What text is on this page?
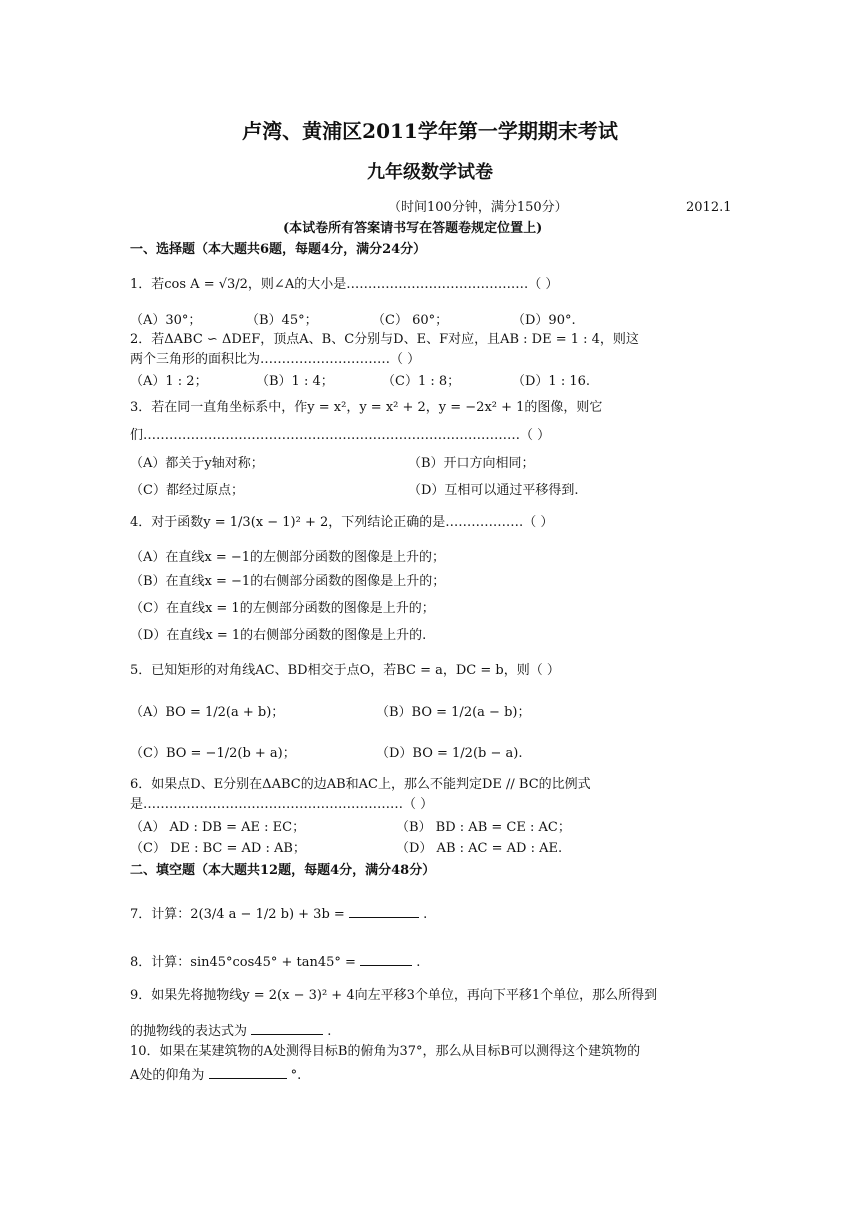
卢湾、黄浦区2011学年第一学期期末考试
九年级数学试卷
（时间100分钟，满分150分）	2012.1
(本试卷所有答案请书写在答题卷规定位置上)
一、选择题（本大题共6题，每题4分，满分24分）
1．若cos A = √3/2，则∠A的大小是……………………………………（ ）
（A）30°；	（B）45°；	（C） 60°；	（D）90°.
2．若ΔABC ∽ ΔDEF，顶点A、B、C分别与D、E、F对应，且AB : DE = 1 : 4，则这
两个三角形的面积比为…………………………（ ）
（A）1 : 2；	（B）1 : 4；	（C）1 : 8；	（D）1 : 16.
3．若在同一直角坐标系中，作y = x²，y = x² + 2，y = −2x² + 1的图像，则它
们……………………………………………………………………………（ ）
（A）都关于y轴对称；	（B）开口方向相同；
（C）都经过原点；	（D）互相可以通过平移得到.
4．对于函数y = 1/3(x − 1)² + 2，下列结论正确的是………………（ ）
（A）在直线x = −1的左侧部分函数的图像是上升的；
（B）在直线x = −1的右侧部分函数的图像是上升的；
（C）在直线x = 1的左侧部分函数的图像是上升的；
（D）在直线x = 1的右侧部分函数的图像是上升的.
5．已知矩形的对角线AC、BD相交于点O，若BC = a，DC = b，则（ ）
（A）BO = 1/2(a + b)；	（B）BO = 1/2(a − b)；
（C）BO = −1/2(b + a)；	（D）BO = 1/2(b − a).
6．如果点D、E分别在ΔABC的边AB和AC上，那么不能判定DE // BC的比例式
是……………………………………………………（ ）
（A） AD : DB = AE : EC；	（B） BD : AB = CE : AC；
（C） DE : BC = AD : AB；	（D） AB : AC = AD : AE.
二、填空题（本大题共12题，每题4分，满分48分）
7．计算：2(3/4 a − 1/2 b) + 3b =	.
8．计算：sin45°cos45° + tan45° =	.
9．如果先将抛物线y = 2(x − 3)² + 4向左平移3个单位，再向下平移1个单位，那么所得到
的抛物线的表达式为	.
10．如果在某建筑物的A处测得目标B的俯角为37°，那么从目标B可以测得这个建筑物的
A处的仰角为	°.
